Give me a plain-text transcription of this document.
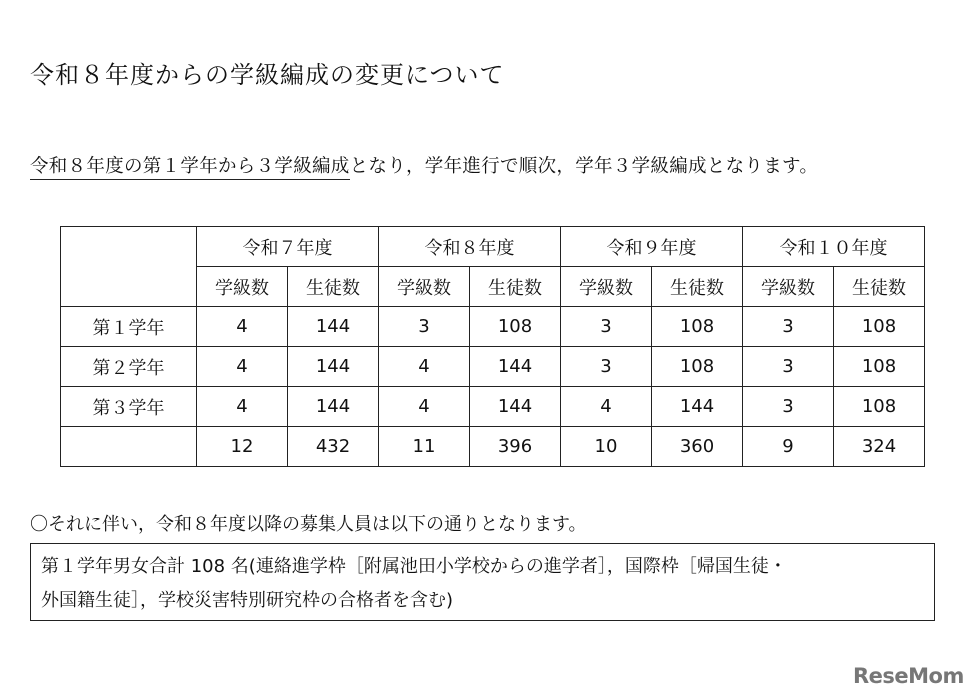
令和８年度からの学級編成の変更について
令和８年度の第１学年から３学級編成となり，学年進行で順次，学年３学級編成となります。
	令和７年度		令和８年度		令和９年度		令和１０年度	
	学級数	生徒数	学級数	生徒数	学級数	生徒数	学級数	生徒数
第１学年	4	144	3	108	3	108	3	108
第２学年	4	144	4	144	3	108	3	108
第３学年	4	144	4	144	4	144	3	108
	12	432	11	396	10	360	9	324
〇それに伴い，令和８年度以降の募集人員は以下の通りとなります。
第１学年男女合計 108 名(連絡進学枠［附属池田小学校からの進学者］，国際枠［帰国生徒・
外国籍生徒］，学校災害特別研究枠の合格者を含む)
ReseMom
